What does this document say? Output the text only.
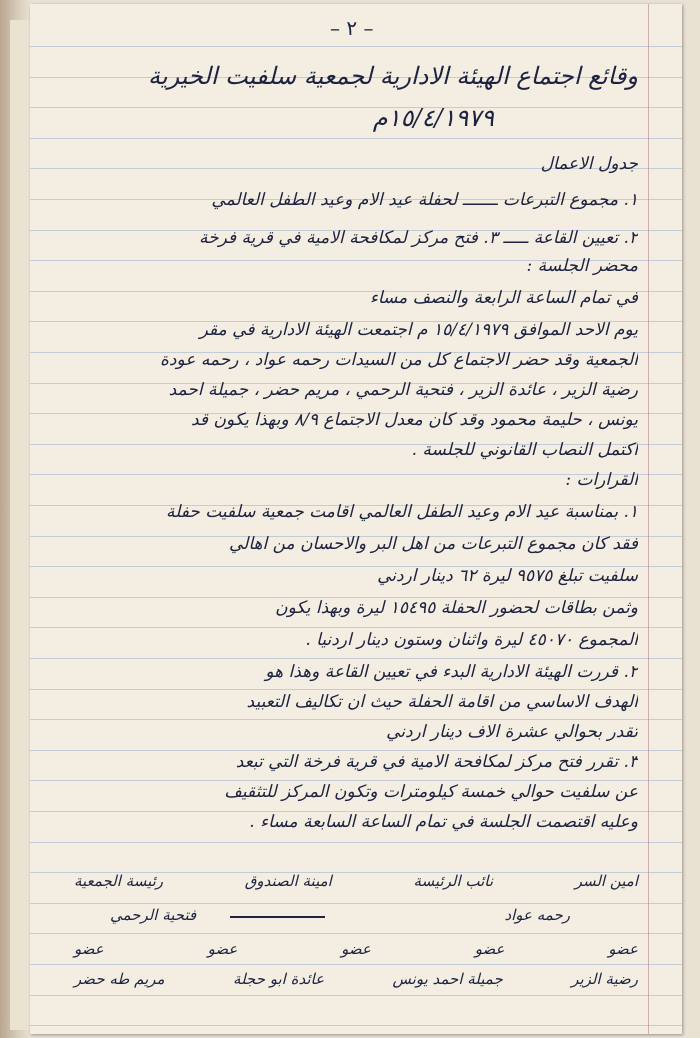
– ٢ –
وقائع اجتماع الهيئة الادارية لجمعية سلفيت الخيرية
١٥/٤/١٩٧٩م
جدول الاعمال
١. مجموع التبرعات ـــــــ لحفلة عيد الام وعيد الطفل العالمي
٢. تعيين القاعة ـــــ ٣. فتح مركز لمكافحة الامية في قرية فرخة
محضر الجلسة :
في تمام الساعة الرابعة والنصف مساء
يوم الاحد الموافق ١٥/٤/١٩٧٩ م اجتمعت الهيئة الادارية في مقر
الجمعية وقد حضر الاجتماع كل من السيدات رحمه عواد ، رحمه عودة
رضية الزير ، عائدة الزير ، فتحية الرحمي ، مريم حضر ، جميلة احمد
يونس ، حليمة محمود وقد كان معدل الاجتماع ٨/٩ وبهذا يكون قد
اكتمل النصاب القانوني للجلسة .
القرارات :
١. بمناسبة عيد الام وعيد الطفل العالمي اقامت جمعية سلفيت حفلة
فقد كان مجموع التبرعات من اهل البر والاحسان من اهالي
سلفيت تبلغ ٩٥٧٥ ليرة ٦٢ دينار اردني
وثمن بطاقات لحضور الحفلة ١٥٤٩٥ ليرة وبهذا يكون
المجموع ٤٥٠٧٠ ليرة واثنان وستون دينار اردنيا .
٢. قررت الهيئة الادارية البدء في تعيين القاعة وهذا هو
الهدف الاساسي من اقامة الحفلة حيث ان تكاليف التعبيد
تقدر بحوالي عشرة الاف دينار اردني
٣. تقرر فتح مركز لمكافحة الامية في قرية فرخة التي تبعد
عن سلفيت حوالي خمسة كيلومترات وتكون المركز للتثقيف
وعليه اقتصمت الجلسة في تمام الساعة السابعة مساء .
امين السر
نائب الرئيسة
امينة الصندوق
رئيسة الجمعية
رحمه عواد
فتحية الرحمي
عضو
عضو
عضو
عضو
عضو
رضية الزير
جميلة احمد يونس
عائدة ابو حجلة
مريم طه حضر
